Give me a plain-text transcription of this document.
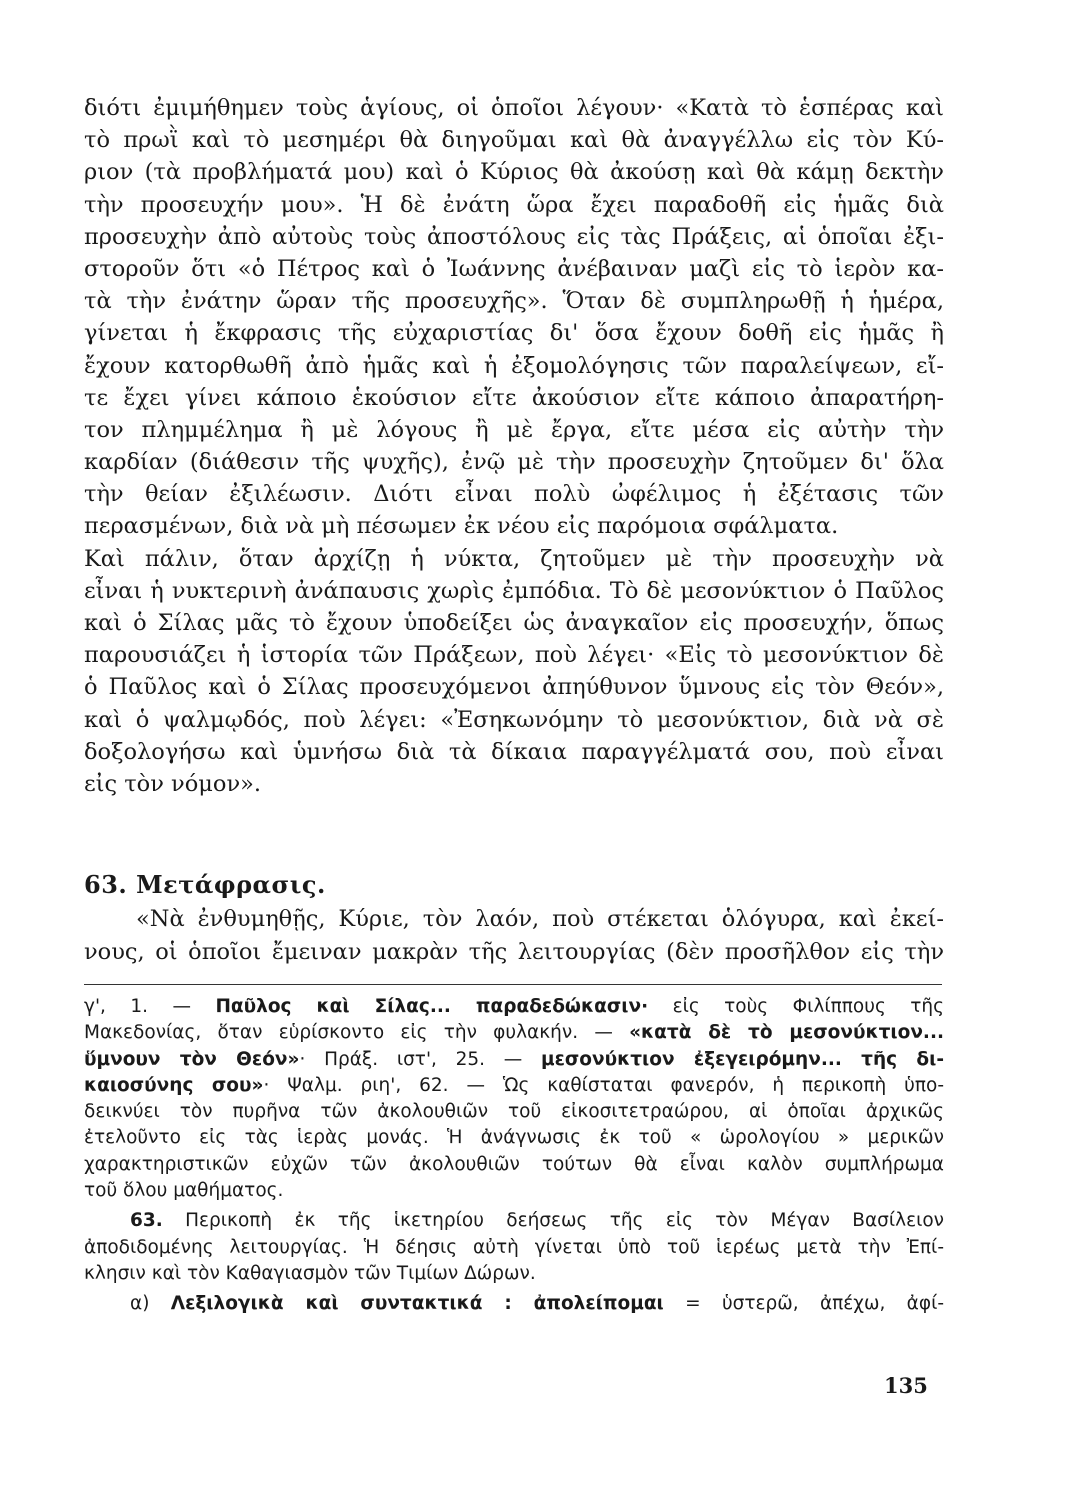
διότι ἐμιμήθημεν τοὺς ἁγίους, οἱ ὁποῖοι λέγουν· «Κατὰ τὸ ἑσπέρας καὶ
τὸ πρωῒ καὶ τὸ μεσημέρι θὰ διηγοῦμαι καὶ θὰ ἀναγγέλλω εἰς τὸν Κύ-
ριον (τὰ προβλήματά μου) καὶ ὁ Κύριος θὰ ἀκούσῃ καὶ θὰ κάμῃ δεκτὴν
τὴν προσευχήν μου». Ἡ δὲ ἐνάτη ὥρα ἔχει παραδοθῆ εἰς ἡμᾶς διὰ
προσευχὴν ἀπὸ αὐτοὺς τοὺς ἀποστόλους εἰς τὰς Πράξεις, αἱ ὁποῖαι ἐξι-
στοροῦν ὅτι «ὁ Πέτρος καὶ ὁ Ἰωάννης ἀνέβαιναν μαζὶ εἰς τὸ ἱερὸν κα-
τὰ τὴν ἐνάτην ὥραν τῆς προσευχῆς». Ὅταν δὲ συμπληρωθῇ ἡ ἡμέρα,
γίνεται ἡ ἔκφρασις τῆς εὐχαριστίας δι' ὅσα ἔχουν δοθῆ εἰς ἡμᾶς ἢ
ἔχουν κατορθωθῆ ἀπὸ ἡμᾶς καὶ ἡ ἐξομολόγησις τῶν παραλείψεων, εἴ-
τε ἔχει γίνει κάποιο ἑκούσιον εἴτε ἀκούσιον εἴτε κάποιο ἀπαρατήρη-
τον πλημμέλημα ἢ μὲ λόγους ἢ μὲ ἔργα, εἴτε μέσα εἰς αὐτὴν τὴν
καρδίαν (διάθεσιν τῆς ψυχῆς), ἐνῷ μὲ τὴν προσευχὴν ζητοῦμεν δι' ὅλα
τὴν θείαν ἐξιλέωσιν. Διότι εἶναι πολὺ ὠφέλιμος ἡ ἐξέτασις τῶν
περασμένων, διὰ νὰ μὴ πέσωμεν ἐκ νέου εἰς παρόμοια σφάλματα.
Καὶ πάλιν, ὅταν ἀρχίζῃ ἡ νύκτα, ζητοῦμεν μὲ τὴν προσευχὴν νὰ
εἶναι ἡ νυκτερινὴ ἀνάπαυσις χωρὶς ἐμπόδια. Τὸ δὲ μεσονύκτιον ὁ Παῦλος
καὶ ὁ Σίλας μᾶς τὸ ἔχουν ὑποδείξει ὡς ἀναγκαῖον εἰς προσευχήν, ὅπως
παρουσιάζει ἡ ἱστορία τῶν Πράξεων, ποὺ λέγει· «Εἰς τὸ μεσονύκτιον δὲ
ὁ Παῦλος καὶ ὁ Σίλας προσευχόμενοι ἀπηύθυνον ὕμνους εἰς τὸν Θεόν»,
καὶ ὁ ψαλμῳδός, ποὺ λέγει: «Ἐσηκωνόμην τὸ μεσονύκτιον, διὰ νὰ σὲ
δοξολογήσω καὶ ὑμνήσω διὰ τὰ δίκαια παραγγέλματά σου, ποὺ εἶναι
εἰς τὸν νόμον».
63. Μετάφρασις.
«Νὰ ἐνθυμηθῇς, Κύριε, τὸν λαόν, ποὺ στέκεται ὁλόγυρα, καὶ ἐκεί-
νους, οἱ ὁποῖοι ἔμειναν μακρὰν τῆς λειτουργίας (δὲν προσῆλθον εἰς τὴν
γ', 1. — Παῦλος καὶ Σίλας... παραδεδώκασιν· εἰς τοὺς Φιλίππους τῆς
Μακεδονίας, ὅταν εὑρίσκοντο εἰς τὴν φυλακήν. — «κατὰ δὲ τὸ μεσονύκτιον...
ὕμνουν τὸν Θεόν»· Πράξ. ιστ', 25. — μεσονύκτιον ἐξεγειρόμην... τῆς δι-
καιοσύνης σου»· Ψαλμ. ριη', 62. — Ὡς καθίσταται φανερόν, ἡ περικοπὴ ὑπο-
δεικνύει τὸν πυρῆνα τῶν ἀκολουθιῶν τοῦ εἰκοσιτετραώρου, αἱ ὁποῖαι ἀρχικῶς
ἐτελοῦντο εἰς τὰς ἱερὰς μονάς. Ἡ ἀνάγνωσις ἐκ τοῦ « ὡρολογίου » μερικῶν
χαρακτηριστικῶν εὐχῶν τῶν ἀκολουθιῶν τούτων θὰ εἶναι καλὸν συμπλήρωμα
τοῦ ὅλου μαθήματος.
63. Περικοπὴ ἐκ τῆς ἱκετηρίου δεήσεως τῆς εἰς τὸν Μέγαν Βασίλειον
ἀποδιδομένης λειτουργίας. Ἡ δέησις αὐτὴ γίνεται ὑπὸ τοῦ ἱερέως μετὰ τὴν Ἐπί-
κλησιν καὶ τὸν Καθαγιασμὸν τῶν Τιμίων Δώρων.
α) Λεξιλογικὰ καὶ συντακτικά : ἀπολείπομαι = ὑστερῶ, ἀπέχω, ἀφί-
135
